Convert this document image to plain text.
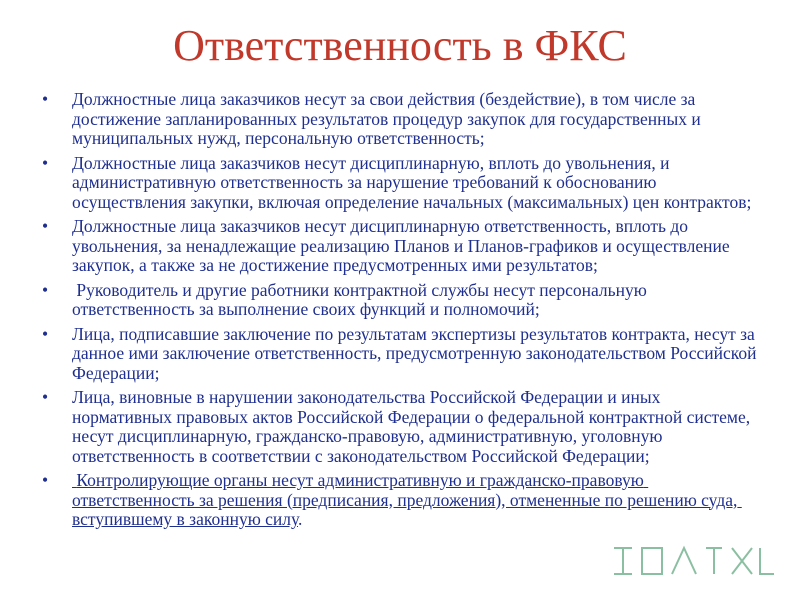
Ответственность в ФКС
• Должностные лица заказчиков несут за свои действия (бездействие), в том числе за достижение запланированных результатов процедур закупок для государственных и муниципальных нужд, персональную ответственность;
• Должностные лица заказчиков несут дисциплинарную, вплоть до увольнения, и административную ответственность за нарушение требований к обоснованию осуществления закупки, включая определение начальных (максимальных) цен контрактов;
• Должностные лица заказчиков несут дисциплинарную ответственность, вплоть до увольнения, за ненадлежащие реализацию Планов и Планов-графиков и осуществление закупок, а также за не достижение предусмотренных ими результатов;
• Руководитель и другие работники контрактной службы несут персональную ответственность за выполнение своих функций и полномочий;
• Лица, подписавшие заключение по результатам экспертизы результатов контракта, несут за данное ими заключение ответственность, предусмотренную законодательством Российской Федерации;
• Лица, виновные в нарушении законодательства Российской Федерации и иных нормативных правовых актов Российской Федерации о федеральной контрактной системе, несут дисциплинарную, гражданско-правовую, административную, уголовную ответственность в соответствии с законодательством Российской Федерации;
• Контролирующие органы несут административную и гражданско-правовую ответственность за решения (предписания, предложения), отмененные по решению суда, вступившему в законную силу.
